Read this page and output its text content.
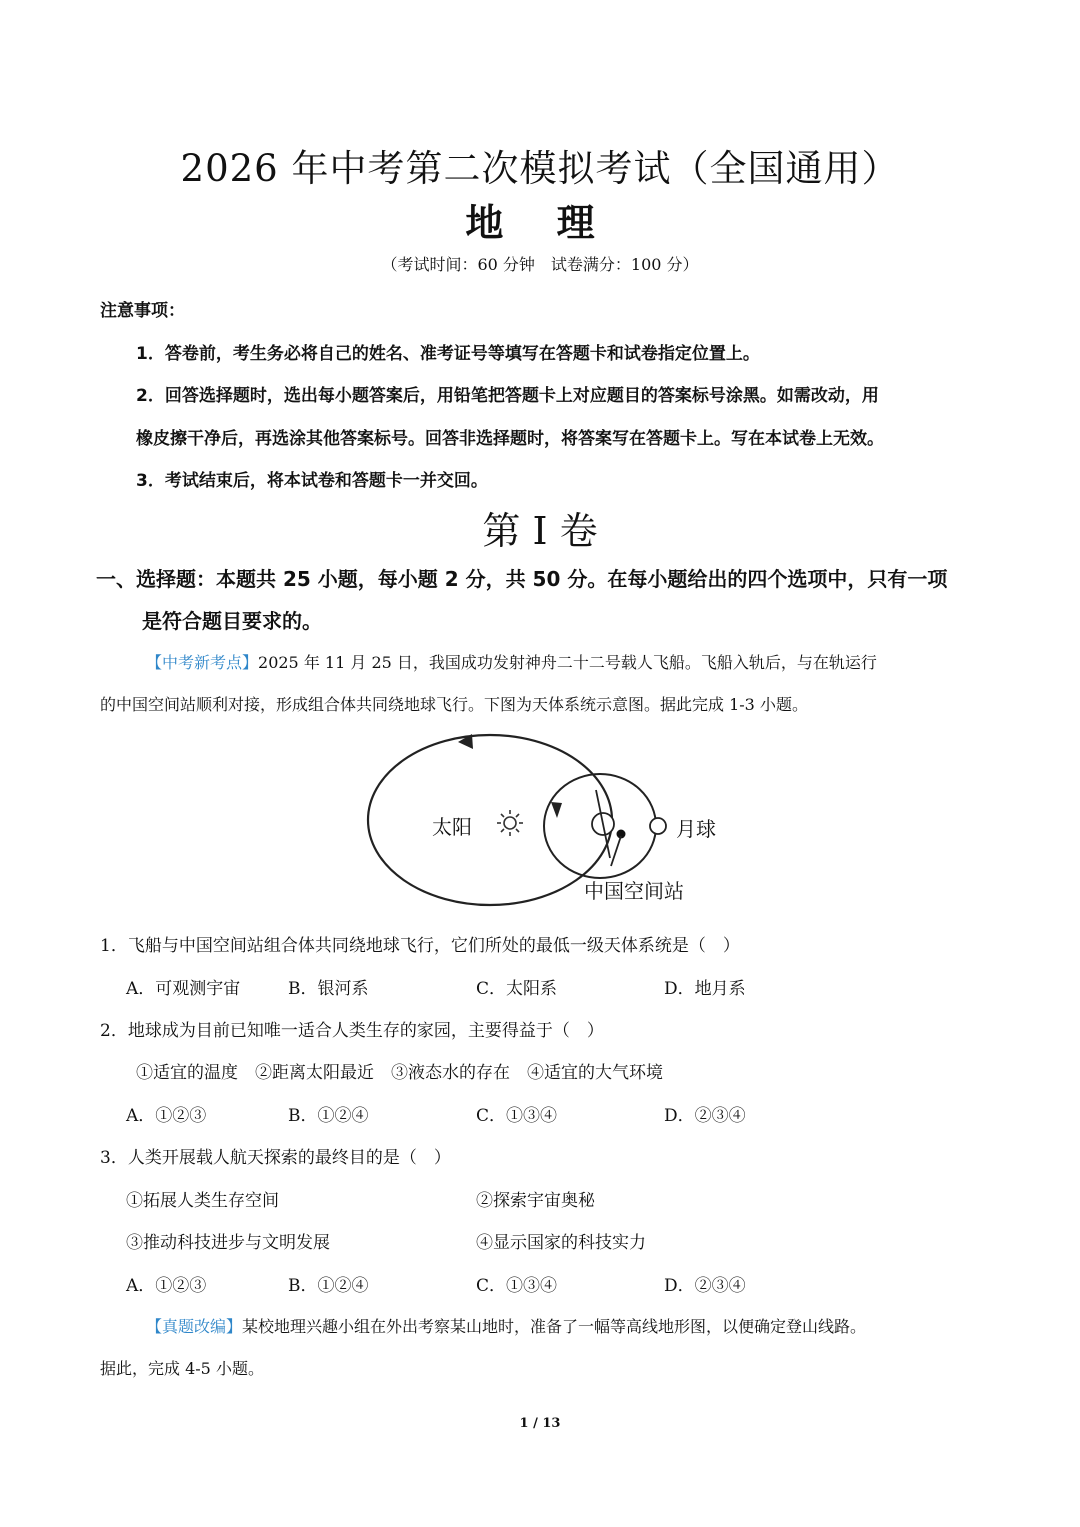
2026 年中考第二次模拟考试（全国通用）
地 理
（考试时间：60 分钟　试卷满分：100 分）
注意事项：
1．答卷前，考生务必将自己的姓名、准考证号等填写在答题卡和试卷指定位置上。
2．回答选择题时，选出每小题答案后，用铅笔把答题卡上对应题目的答案标号涂黑。如需改动，用
橡皮擦干净后，再选涂其他答案标号。回答非选择题时，将答案写在答题卡上。写在本试卷上无效。
3．考试结束后，将本试卷和答题卡一并交回。
第 I 卷
一、选择题：本题共 25 小题，每小题 2 分，共 50 分。在每小题给出的四个选项中，只有一项
是符合题目要求的。
【中考新考点】2025 年 11 月 25 日，我国成功发射神舟二十二号载人飞船。飞船入轨后，与在轨运行
的中国空间站顺利对接，形成组合体共同绕地球飞行。下图为天体系统示意图。据此完成 1-3 小题。
太阳	月球
中国空间站
1．飞船与中国空间站组合体共同绕地球飞行，它们所处的最低一级天体系统是（　）
A．可观测宇宙	B．银河系	C．太阳系	D．地月系
2．地球成为目前已知唯一适合人类生存的家园，主要得益于（　）
①适宜的温度　②距离太阳最近　③液态水的存在　④适宜的大气环境
A．①②③	B．①②④	C．①③④	D．②③④
3．人类开展载人航天探索的最终目的是（　）
①拓展人类生存空间	②探索宇宙奥秘
③推动科技进步与文明发展	④显示国家的科技实力
A．①②③	B．①②④	C．①③④	D．②③④
【真题改编】某校地理兴趣小组在外出考察某山地时，准备了一幅等高线地形图，以便确定登山线路。
据此，完成 4-5 小题。
1 / 13
